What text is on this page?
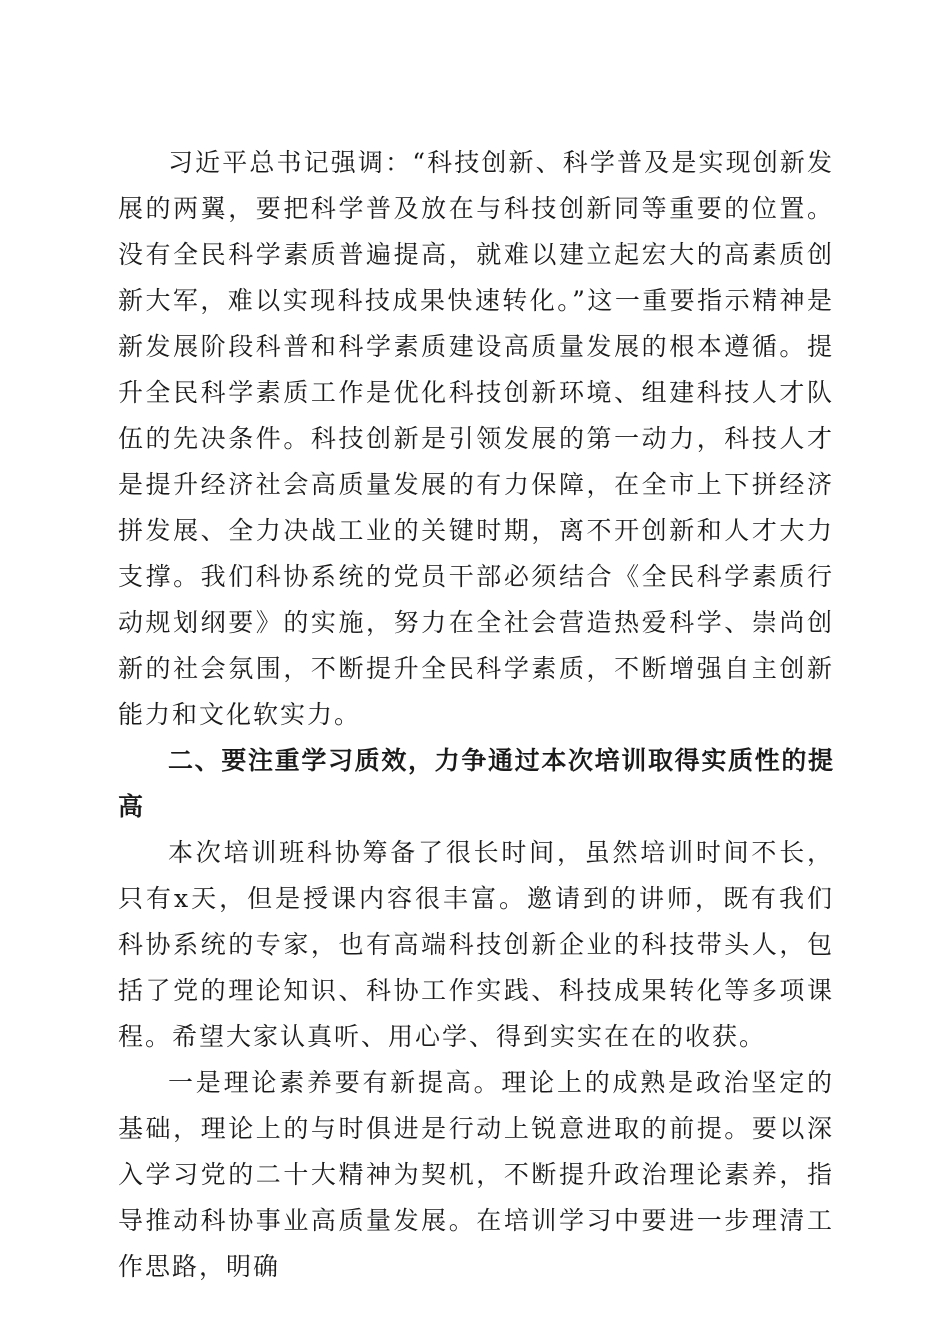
习近平总书记强调：“科技创新、科学普及是实现创新发展的两翼，要把科学普及放在与科技创新同等重要的位置。没有全民科学素质普遍提高，就难以建立起宏大的高素质创新大军，难以实现科技成果快速转化。”这一重要指示精神是新发展阶段科普和科学素质建设高质量发展的根本遵循。提升全民科学素质工作是优化科技创新环境、组建科技人才队伍的先决条件。科技创新是引领发展的第一动力，科技人才是提升经济社会高质量发展的有力保障，在全市上下拼经济拼发展、全力决战工业的关键时期，离不开创新和人才大力支撑。我们科协系统的党员干部必须结合《全民科学素质行动规划纲要》的实施，努力在全社会营造热爱科学、崇尚创新的社会氛围，不断提升全民科学素质，不断增强自主创新能力和文化软实力。

二、要注重学习质效，力争通过本次培训取得实质性的提高

本次培训班科协筹备了很长时间，虽然培训时间不长，只有x天，但是授课内容很丰富。邀请到的讲师，既有我们科协系统的专家，也有高端科技创新企业的科技带头人，包括了党的理论知识、科协工作实践、科技成果转化等多项课程。希望大家认真听、用心学、得到实实在在的收获。

一是理论素养要有新提高。理论上的成熟是政治坚定的基础，理论上的与时俱进是行动上锐意进取的前提。要以深入学习党的二十大精神为契机，不断提升政治理论素养，指导推动科协事业高质量发展。在培训学习中要进一步理清工作思路，明确
